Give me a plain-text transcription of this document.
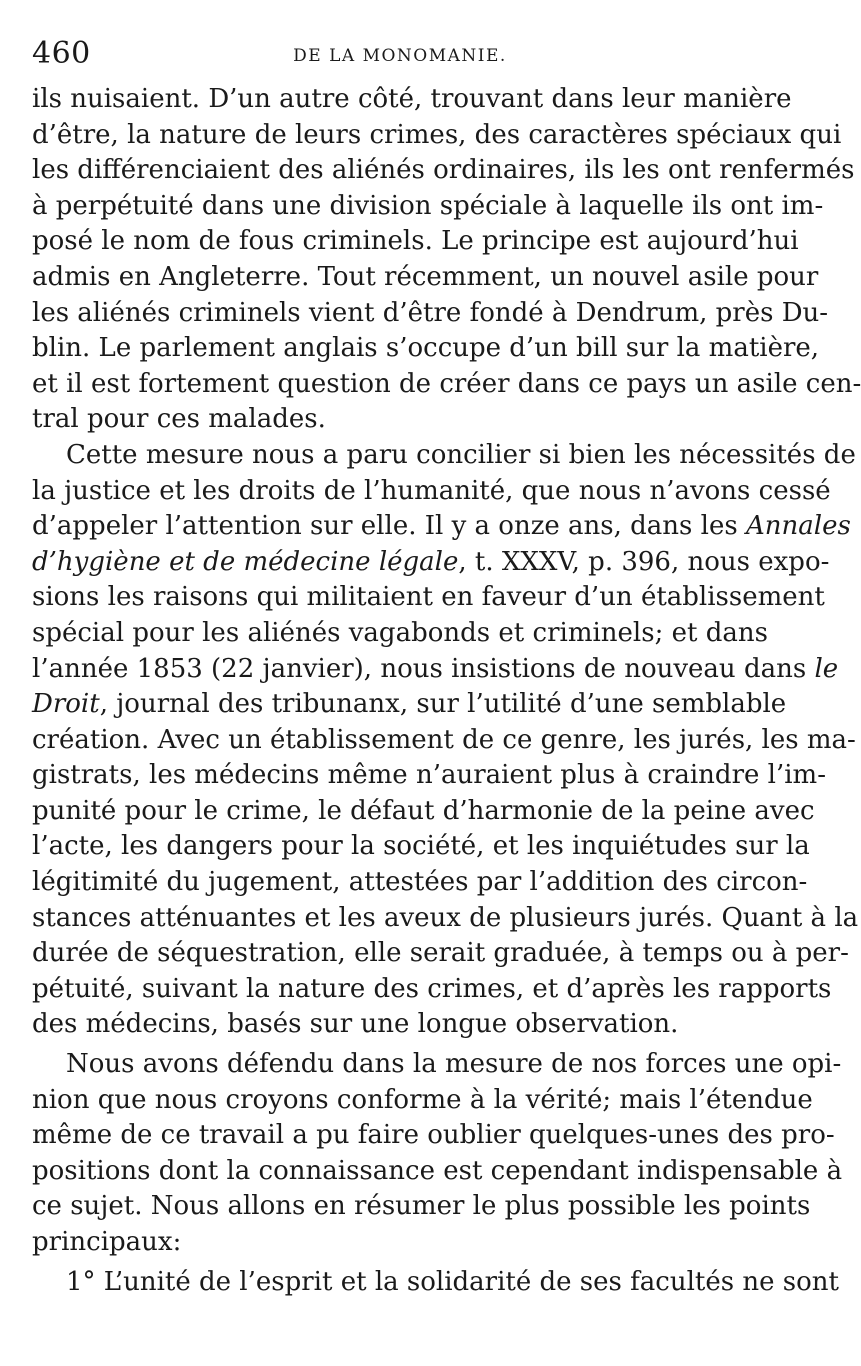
460	DE LA MONOMANIE.
ils nuisaient. D’un autre côté, trouvant dans leur manière
d’être, la nature de leurs crimes, des caractères spéciaux qui
les différenciaient des aliénés ordinaires, ils les ont renfermés
à perpétuité dans une division spéciale à laquelle ils ont im-
posé le nom de fous criminels. Le principe est aujourd’hui
admis en Angleterre. Tout récemment, un nouvel asile pour
les aliénés criminels vient d’être fondé à Dendrum, près Du-
blin. Le parlement anglais s’occupe d’un bill sur la matière,
et il est fortement question de créer dans ce pays un asile cen-
tral pour ces malades.
Cette mesure nous a paru concilier si bien les nécessités de
la justice et les droits de l’humanité, que nous n’avons cessé
d’appeler l’attention sur elle. Il y a onze ans, dans les Annales
d’hygiène et de médecine légale, t. XXXV, p. 396, nous expo-
sions les raisons qui militaient en faveur d’un établissement
spécial pour les aliénés vagabonds et criminels; et dans
l’année 1853 (22 janvier), nous insistions de nouveau dans le
Droit, journal des tribunanx, sur l’utilité d’une semblable
création. Avec un établissement de ce genre, les jurés, les ma-
gistrats, les médecins même n’auraient plus à craindre l’im-
punité pour le crime, le défaut d’harmonie de la peine avec
l’acte, les dangers pour la société, et les inquiétudes sur la
légitimité du jugement, attestées par l’addition des circon-
stances atténuantes et les aveux de plusieurs jurés. Quant à la
durée de séquestration, elle serait graduée, à temps ou à per-
pétuité, suivant la nature des crimes, et d’après les rapports
des médecins, basés sur une longue observation.
Nous avons défendu dans la mesure de nos forces une opi-
nion que nous croyons conforme à la vérité; mais l’étendue
même de ce travail a pu faire oublier quelques-unes des pro-
positions dont la connaissance est cependant indispensable à
ce sujet. Nous allons en résumer le plus possible les points
principaux:
1° L’unité de l’esprit et la solidarité de ses facultés ne sont
